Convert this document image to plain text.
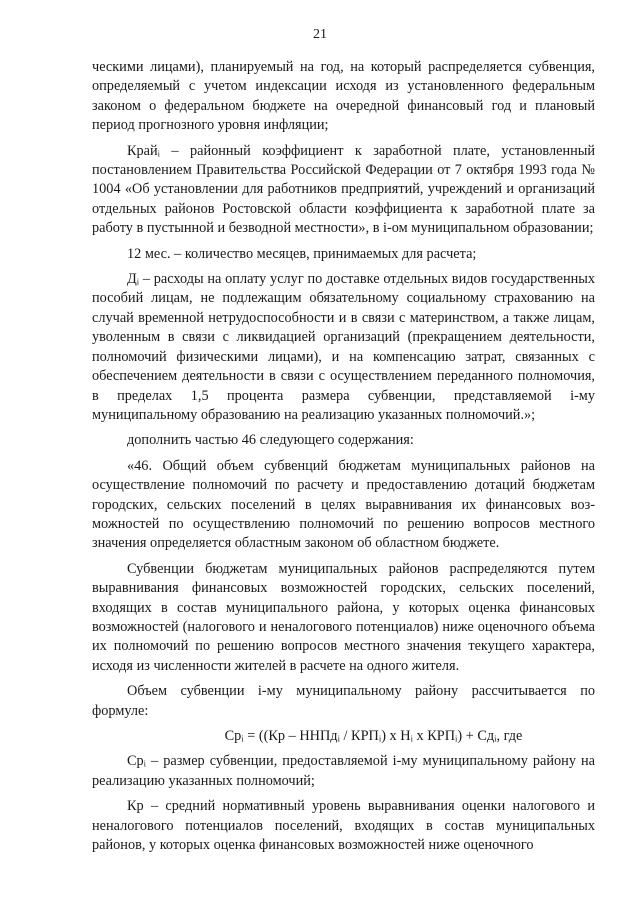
21

ческими лицами), планируемый на год, на который распределяется субвенция, определяемый с учетом индексации исходя из установленного федеральным законом о федеральном бюджете на очередной финансовый год и плановый период прогнозного уровня инфляции;

Крайᵢ – районный коэффициент к заработной плате, установленный постановлением Правительства Российской Федерации от 7 октября 1993 года № 1004 «Об установлении для работников предприятий, учреждений и организаций отдельных районов Ростовской области коэффициента к заработной плате за работу в пустынной и безводной местности», в i-ом муниципальном образовании;

12 мес. – количество месяцев, принимаемых для расчета;

Дᵢ – расходы на оплату услуг по доставке отдельных видов государственных пособий лицам, не подлежащим обязательному социальному страхованию на случай временной нетрудоспособности и в связи с материнством, а также лицам, уволенным в связи с ликвидацией организаций (прекращением деятельности, полномочий физическими лицами), и на компенсацию затрат, связанных с обеспечением деятельности в связи с осуществлением переданного полномочия, в пределах 1,5 процента размера субвенции, представляемой i-му муниципальному образованию на реализацию указанных полномочий.»;

дополнить частью 46 следующего содержания:

«46. Общий объем субвенций бюджетам муниципальных районов на осуществление полномочий по расчету и предоставлению дотаций бюджетам городских, сельских поселений в целях выравнивания их финансовых возможностей по осуществлению полномочий по решению вопросов местного значения определяется областным законом об областном бюджете.

Субвенции бюджетам муниципальных районов распределяются путем выравнивания финансовых возможностей городских, сельских поселений, входящих в состав муниципального района, у которых оценка финансовых возможностей (налогового и неналогового потенциалов) ниже оценочного объема их полномочий по решению вопросов местного значения текущего характера, исходя из численности жителей в расчете на одного жителя.

Объем субвенции i-му муниципальному району рассчитывается по формуле:

Срᵢ = ((Кр – ННПдᵢ / КРПᵢ) х Нᵢ х КРПᵢ) + Сдᵢ, где

Срᵢ – размер субвенции, предоставляемой i-му муниципальному району на реализацию указанных полномочий;

Кр – средний нормативный уровень выравнивания оценки налогового и неналогового потенциалов поселений, входящих в состав муниципальных районов, у которых оценка финансовых возможностей ниже оценочного
